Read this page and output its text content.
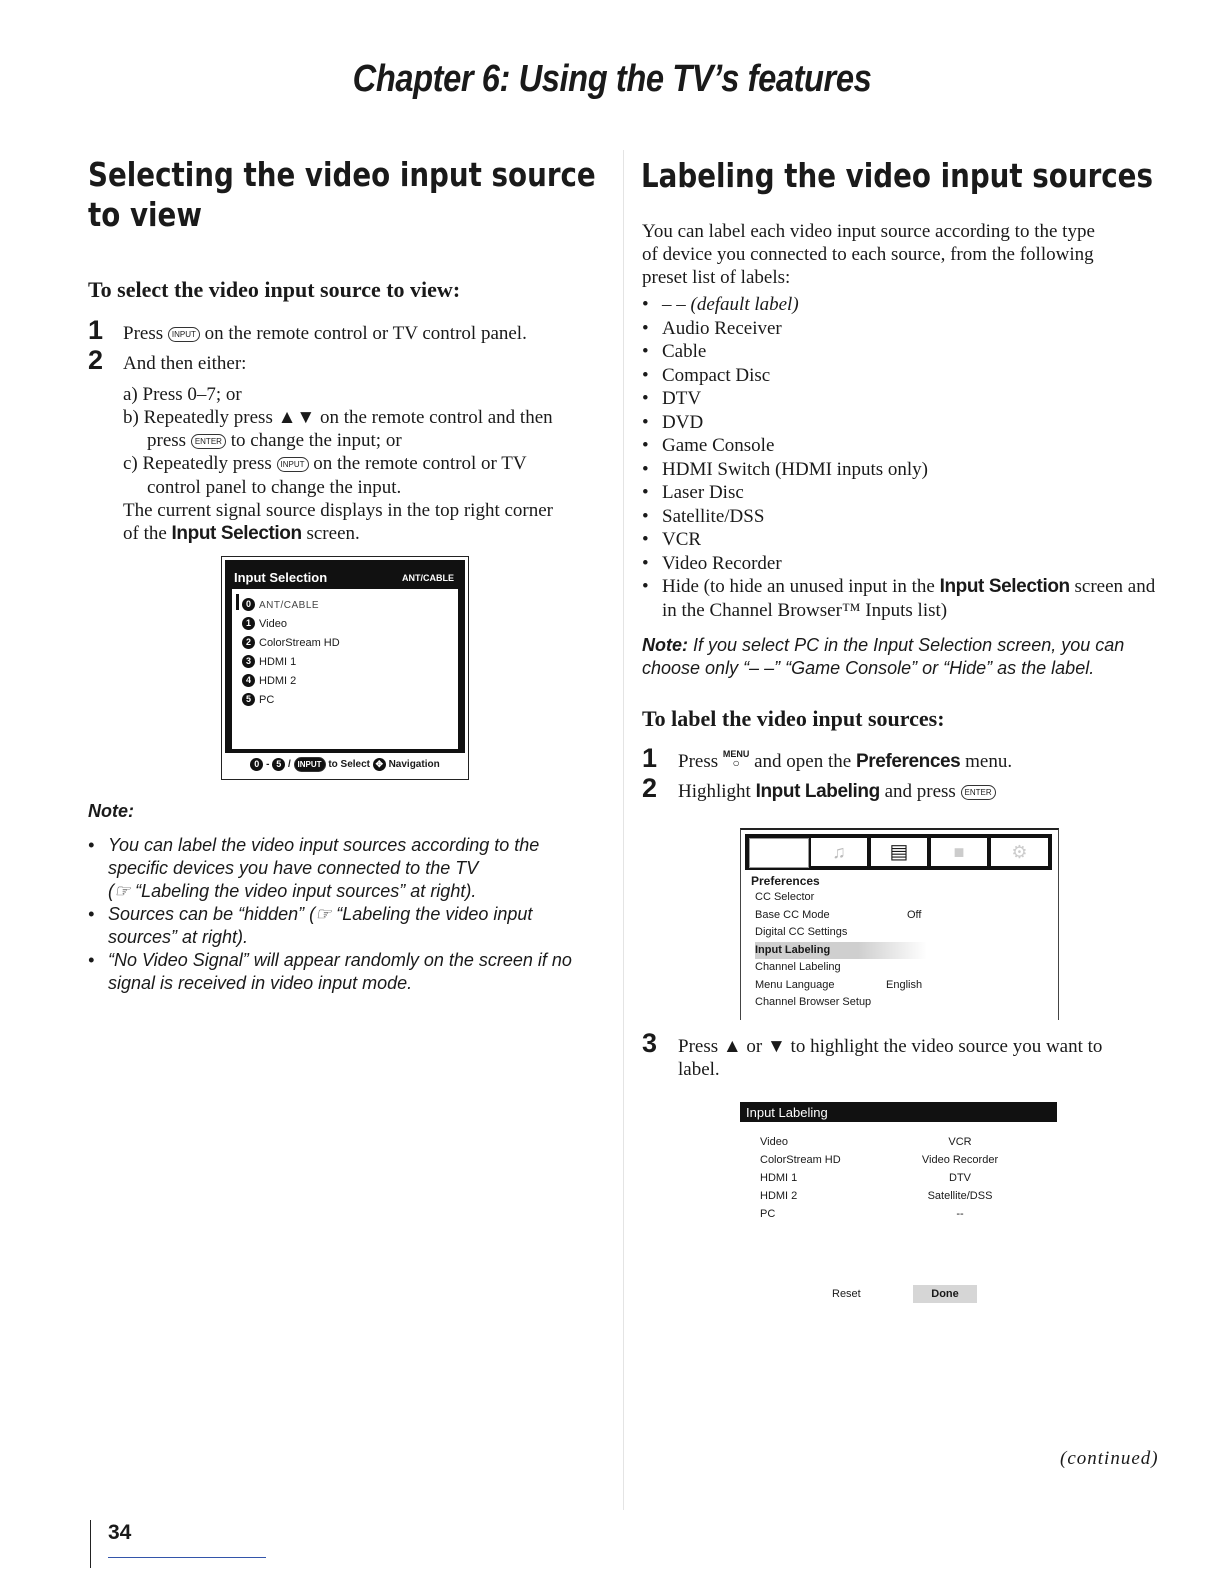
Chapter 6: Using the TV’s features
Selecting the video input source
to view
To select the video input source to view:
1 Press INPUT on the remote control or TV control panel.
2 And then either:
a) Press 0–7; or
b) Repeatedly press ▲▼ on the remote control and then
press ENTER to change the input; or
c) Repeatedly press INPUT on the remote control or TV
control panel to change the input.
The current signal source displays in the top right corner
of the Input Selection screen.
Input Selection	ANT/CABLE
0 ANT/CABLE
1 Video
2 ColorStream HD
3 HDMI 1
4 HDMI 2
5 PC
0 - 5 / INPUT to Select ✥ Navigation
Note:
• You can label the video input sources according to the
specific devices you have connected to the TV
(☞ “Labeling the video input sources” at right).
• Sources can be “hidden” (☞ “Labeling the video input
sources” at right).
• “No Video Signal” will appear randomly on the screen if no
signal is received in video input mode.
Labeling the video input sources
You can label each video input source according to the type
of device you connected to each source, from the following
preset list of labels:
• – – (default label)
• Audio Receiver
• Cable
• Compact Disc
• DTV
• DVD
• Game Console
• HDMI Switch (HDMI inputs only)
• Laser Disc
• Satellite/DSS
• VCR
• Video Recorder
• Hide (to hide an unused input in the Input Selection screen and
in the Channel Browser™ Inputs list)
Note: If you select PC in the Input Selection screen, you can
choose only “– –” “Game Console” or “Hide” as the label.
To label the video input sources:
1 Press MENU
○ and open the Preferences menu.
2 Highlight Input Labeling and press ENTER
♫	▤	■	⚙
Preferences
CC Selector
Base CC Mode	Off
Digital CC Settings
Input Labeling
Channel Labeling
Menu Language	English
Channel Browser Setup
3 Press ▲ or ▼ to highlight the video source you want to
label.
Input Labeling
Video	VCR
ColorStream HD	Video Recorder
HDMI 1	DTV
HDMI 2	Satellite/DSS
PC	--
Reset	Done
(continued)
34
